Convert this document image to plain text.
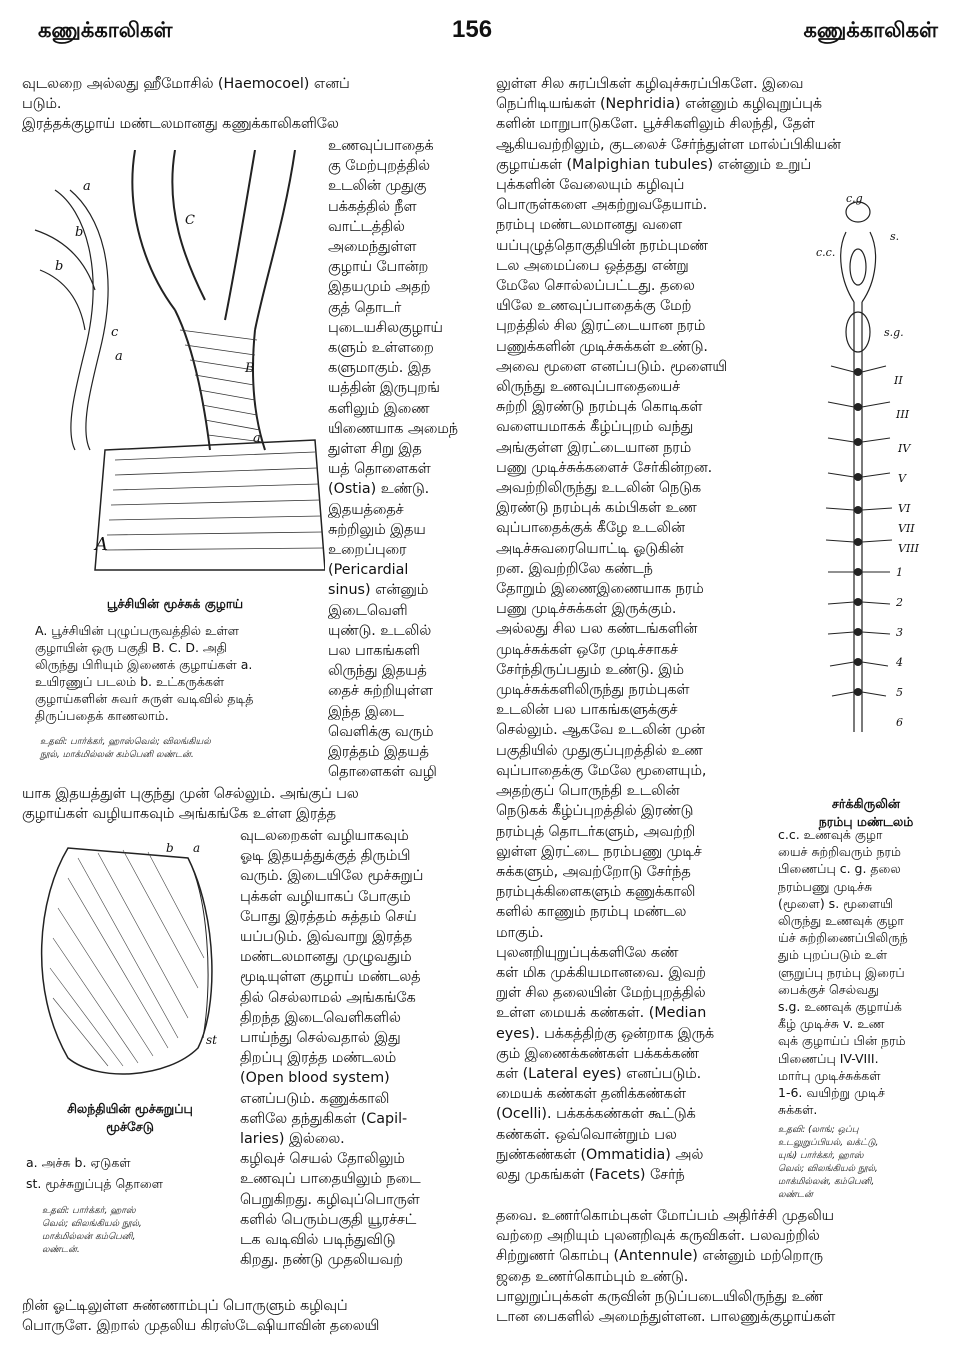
கணுக்காலிகள்	156	கணுக்காலிகள்
வுடலறை அல்லது ஹீமோசில் (Haemocoel) எனப்
படும்.
இரத்தக்குழாய் மண்டலமானது கணுக்காலிகளிலே
உணவுப்பாதைக்
கு மேற்புறத்தில்
உடலின் முதுகு
பக்கத்தில் நீள
வாட்டத்தில்
அமைந்துள்ள
குழாய் போன்ற
இதயமும் அதற்
குத் தொடர்
புடையசிலகுழாய்
களும் உள்ளறை
களுமாகும். இத
யத்தின் இருபுறங்
களிலும் இணை
யிணையாக அமைந்
துள்ள சிறு இத
யத் தொளைகள்
(Ostia) உண்டு.
இதயத்தைச்
சுற்றிலும் இதய
உறைப்புரை
(Pericardial
sinus) என்னும்
இடைவெளி
யுண்டு. உடலில்
பல பாகங்களி
லிருந்து இதயத்
தைச் சுற்றியுள்ள
இந்த இடை
வெளிக்கு வரும்
இரத்தம் இதயத்
தொளைகள் வழி
யாக இதயத்துள் புகுந்து முன் செல்லும். அங்குப் பல
குழாய்கள் வழியாகவும் அங்கங்கே உள்ள இரத்த
வுடலறைகள் வழியாகவும்
ஓடி இதயத்துக்குத் திரும்பி
வரும். இடையிலே மூச்சுறுப்
புக்கள் வழியாகப் போகும்
போது இரத்தம் சுத்தம் செய்
யப்படும். இவ்வாறு இரத்த
மண்டலமானது முழுவதும்
மூடியுள்ள குழாய் மண்டலத்
தில் செல்லாமல் அங்கங்கே
திறந்த இடைவெளிகளில்
பாய்ந்து செல்வதால் இது
திறப்பு இரத்த மண்டலம்
(Open blood system)
எனப்படும். கணுக்காலி
களிலே தந்துகிகள் (Capil-
laries) இல்லை.
கழிவுச் செயல் தோலிலும்
உணவுப் பாதையிலும் நடை
பெறுகிறது. கழிவுப்பொருள்
களில் பெரும்பகுதி யூரச்சட்
டக வடிவில் படிந்துவிடு
கிறது. நண்டு முதலியவற்
றின் ஓட்டிலுள்ள சுண்ணாம்புப் பொருளும் கழிவுப்
பொருளே. இறால் முதலிய கிரஸ்டேஷியாவின் தலையி
லுள்ள சில சுரப்பிகள் கழிவுச்சுரப்பிகளே. இவை
நெப்ரிடியங்கள் (Nephridia) என்னும் கழிவுறுப்புக்
களின் மாறுபாடுகளே. பூச்சிகளிலும் சிலந்தி, தேள்
ஆகியவற்றிலும், குடலைச் சேர்ந்துள்ள மால்ப்பிகியன்
குழாய்கள் (Malpighian tubules) என்னும் உறுப்
புக்களின் வேலையும் கழிவுப்
பொருள்களை அகற்றுவதேயாம்.
நரம்பு மண்டலமானது வளை
யப்புழுத்தொகுதியின் நரம்புமண்
டல அமைப்பை ஒத்தது என்று
மேலே சொல்லப்பட்டது. தலை
யிலே உணவுப்பாதைக்கு மேற்
புறத்தில் சில இரட்டையான நரம்
பணுக்களின் முடிச்சுக்கள் உண்டு.
அவை மூளை எனப்படும். மூளையி
லிருந்து உணவுப்பாதையைச்
சுற்றி இரண்டு நரம்புக் கொடிகள்
வளையமாகக் கீழ்ப்புறம் வந்து
அங்குள்ள இரட்டையான நரம்
பணு முடிச்சுக்களைச் சேர்கின்றன.
அவற்றிலிருந்து உடலின் நெடுக
இரண்டு நரம்புக் கம்பிகள் உண
வுப்பாதைக்குக் கீழே உடலின்
அடிச்சுவரையொட்டி ஓடுகின்
றன. இவற்றிலே கண்டந்
தோறும் இணைஇணையாக நரம்
பணு முடிச்சுக்கள் இருக்கும்.
அல்லது சில பல கண்டங்களின்
முடிச்சுக்கள் ஒரே முடிச்சாகச்
சேர்ந்திருப்பதும் உண்டு. இம்
முடிச்சுக்களிலிருந்து நரம்புகள்
உடலின் பல பாகங்களுக்குச்
செல்லும். ஆகவே உடலின் முன்
பகுதியில் முதுகுப்புறத்தில் உண
வுப்பாதைக்கு மேலே மூளையும்,
அதற்குப் பொருந்தி உடலின்
நெடுகக் கீழ்ப்புறத்தில் இரண்டு
நரம்புத் தொடர்களும், அவற்றி
லுள்ள இரட்டை நரம்பணு முடிச்
சுக்களும், அவற்றோடு சேர்ந்த
நரம்புக்கிளைகளும் கணுக்காலி
களில் காணும் நரம்பு மண்டல
மாகும்.
புலனறியுறுப்புக்களிலே கண்
கள் மிக முக்கியமானவை. இவற்
றுள் சில தலையின் மேற்புறத்தில்
உள்ள மையக் கண்கள். (Median
eyes). பக்கத்திற்கு ஒன்றாக இருக்
கும் இணைக்கண்கள் பக்கக்கண்
கள் (Lateral eyes) எனப்படும்.
மையக் கண்கள் தனிக்கண்கள்
(Ocelli). பக்கக்கண்கள் கூட்டுக்
கண்கள். ஒவ்வொன்றும் பல
நுண்கண்கள் (Ommatidia) அல்
லது முகங்கள் (Facets) சேர்ந்
தவை. உணர்கொம்புகள் மோப்பம் அதிர்ச்சி முதலிய
வற்றை அறியும் புலனறிவுக் கருவிகள். பலவற்றில்
சிற்றுணர் கொம்பு (Antennule) என்னும் மற்றொரு
ஜதை உணர்கொம்பும் உண்டு.
பாலுறுப்புக்கள் கருவின் நடுப்படையிலிருந்து உண்
டான பைகளில் அமைந்துள்ளன. பாலணுக்குழாய்கள்
a
b
b
c
a
C
B
a
A
பூச்சியின் மூச்சுக் குழாய்
A. பூச்சியின் புழுப்பருவத்தில் உள்ள
குழாயின் ஒரு பகுதி B. C. D. அதி
லிருந்து பிரியும் இணைக் குழாய்கள் a.
உயிரணுப் படலம் b. உட்கருக்கள்
குழாய்களின் சுவர் சுருள் வடிவில் தடித்
திருப்பதைக் காணலாம்.
உதவி: பார்க்கர், ஹாஸ்வெல்; விலங்கியல்
நூல், மாக்மில்லன் கம்பெனி லண்டன்.
b a
st
சிலந்தியின் மூச்சுறுப்பு
மூச்சேடு
a. அச்சு b. ஏடுகள்
st. மூச்சுறுப்புத் தொளை
உதவி: பார்க்கர், ஹாஸ்
வெல்; விலங்கியல் நூல்,
மாக்மில்லன் கம்பெனி,
லண்டன்.
c.g
s.
c.c.
s.g.
II
III
IV
V
VI
VII
VIII
1
2
3
4
5
6
சர்க்கிருலின்
நரம்பு மண்டலம்
c.c. உணவுக் குழா
யைச் சுற்றிவரும் நரம்
பிணைப்பு c. g. தலை
நரம்பணு முடிச்சு
(மூளை) s. மூளையி
லிருந்து உணவுக் குழா
ய்ச் சுற்றிணைப்பிலிருந்
தும் புறப்படும் உள்
ளுறுப்பு நரம்பு இரைப்
பைக்குச் செல்வது
s.g. உணவுக் குழாய்க்
கீழ் முடிச்சு v. உண
வுக் குழாய்ப் பின் நரம்
பிணைப்பு IV-VIII.
மார்பு முடிச்சுக்கள்
1-6. வயிற்று முடிச்
சுக்கள்.
உதவி: (லாங்; ஒப்பு
உடலுறுப்பியல், வக்ட்டு,
யுங்) பார்க்கர், ஹாஸ்
வெல்; விலங்கியல் நூல்,
மாக்மில்லன், கம்பெனி,
லண்டன்
